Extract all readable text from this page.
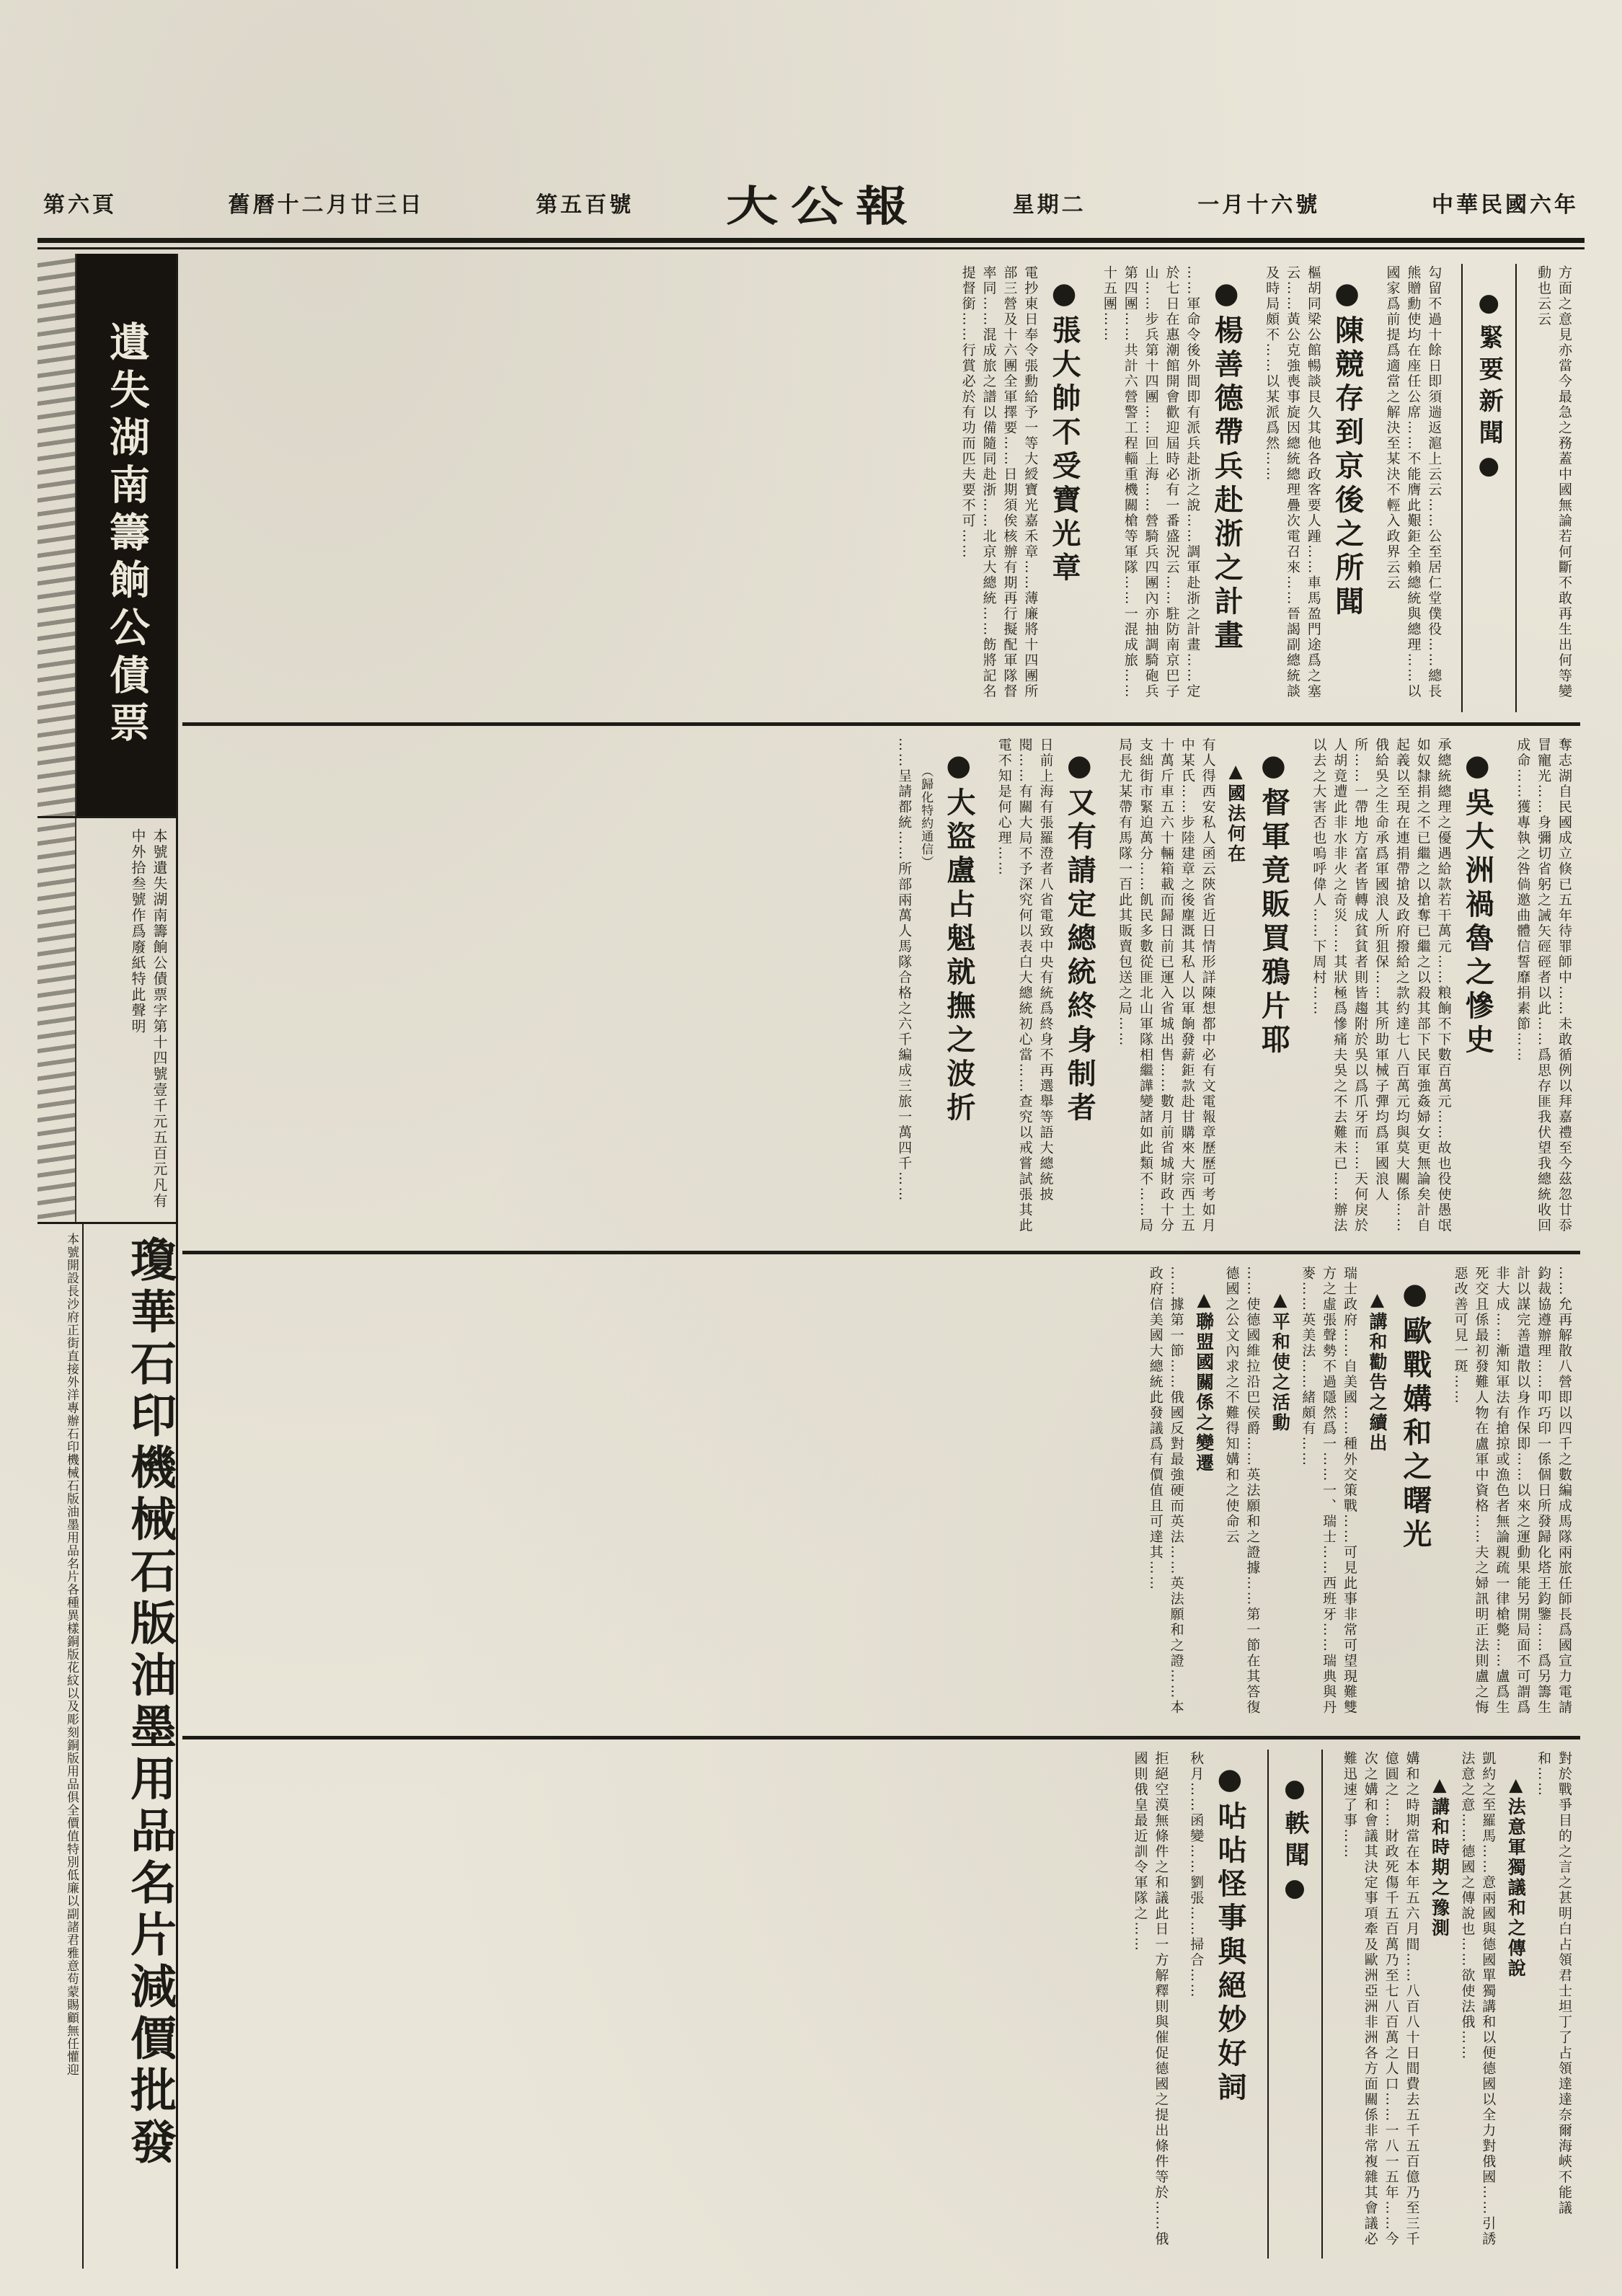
中華民國六年
一月十六號
星期二
大公報
第五百號
舊曆十二月廿三日
第六頁
遺失湖南籌餉公債票
本號遺失湖南籌餉公債票字第十四號壹千元五百元凡有中外拾叁號作爲廢紙特此聲明
本號開設長沙府正街直接外洋專辦石印機械石版油墨用品名片各種異樣銅版花紋以及彫刻銅版用品俱全價值特別低廉以副諸君雅意苟蒙賜顧無任懽迎 瓊華石印機械石版油墨用品名片減價批發
方面之意見亦當今最急之務蓋中國無論若何斷不敢再生出何等變動也云云
●緊要新聞●
勾留不過十餘日即須遄返滬上云云……公至居仁堂僕役……總長熊贈勳使均在座任公席……不能膺此艱鉅全賴總統與總理……以國家爲前提爲適當之解決至某決不輕入政界云云
●陳競存到京後之所聞
樞胡同梁公館暢談艮久其他各政客要人踵……車馬盈門途爲之塞云……黃公克強喪事旋因總統總理疊次電召來……晉謁副總統談及時局頗不……以某派爲然……
●楊善德帶兵赴浙之計畫
……軍命令後外間即有派兵赴浙之說……調軍赴浙之計畫……定於七日在惠潮館開會歡迎屆時必有一番盛況云……駐防南京巴子山……步兵第十四團……回上海……營騎兵四團內亦抽調騎砲兵第四團……共計六營警工程輜重機關槍等軍隊……一混成旅……十五團……
●張大帥不受寶光章
電抄東日奉令張勳給予一等大綬寶光嘉禾章……薄廉將十四團所部三營及十六團全軍擇要……日期須俟核辦有期再行擬配軍隊督率同……混成旅之譜以備隨同赴浙……北京大總統……飭將記名提督銜……行賞必於有功而匹夫要不可……
奪志湖自民國成立倏已五年待罪師中……未敢循例以拜嘉禮至今茲忽廿忝冒寵光……身彌切省躬之誡矢硜硜者以此……爲思存匪我伏望我總統收回成命……獲專執之咎倘邀曲體信誓靡捐素節……
●吳大洲禍魯之慘史
承總統總理之優遇給款若干萬元……粮餉不下數百萬元……故也役使愚氓如奴隸捐之不已繼之以搶奪已繼之以殺其部下民軍強姦婦女更無論矣計自起義以至現在連捐帶搶及政府撥給之款約達七八百萬元均與莫大關係……俄給吳之生命承爲軍國浪人所狙保……其所助軍械子彈均爲軍國浪人所……一帶地方富者皆轉成貧貧者則皆趨附於吳以爲爪牙而……天何戾於人胡竟遭此非水非火之奇災……其狀極爲慘痛夫吳之不去難未已……辦法以去之大害否也嗚呼偉人……下周村……
●督軍竟販買鴉片耶
▲國法何在
有人得西安私人函云陝省近日情形詳陳想都中必有文電報章歷歷可考如月中某氏……步陸建章之後塵溉其私人以軍餉發薪鉅款赴甘購來大宗西土五十萬斤車五六十輛箱載而歸日前已運入省城出售……數月前省城財政十分支絀街市緊迫萬分……飢民多數從匪北山軍隊相繼譁變諸如此類不……局局長尤某帶有馬隊一百此其販賣包送之局……
●又有請定總統終身制者
日前上海有張羅澄者八省電致中央有統爲終身不再選舉等語大總統披閱……有關大局不予深究何以表白大總統初心當……查究以戒嘗試張其此電不知是何心理……
●大盜盧占魁就撫之波折
（歸化特約通信）
……呈請都統……所部兩萬人馬隊合格之六千編成三旅一萬四千……
……允再解散八營即以四千之數編成馬隊兩旅任師長爲國宣力電請鈞裁協遵辦理……叩巧印一係個日所發歸化塔王鈞鑒……爲另籌生計以謀完善遣散以身作保即……以來之運動果能另開局面不可謂爲非大成……漸知軍法有搶掠或漁色者無論親疏一律槍斃……盧爲生死交且係最初發難人物在盧軍中資格……夫之婦訊明正法則盧之悔惡改善可見一斑……
●歐戰媾和之曙光
▲講和勸告之續出
瑞士政府……自美國……種外交策戰……可見此事非常可望現難雙方之虛張聲勢不過隱然爲一……一、瑞士……西班牙……瑞典與丹麥……英美法……緒頗有……
▲平和使之活動
……使德國維拉沿巴侯爵……英法願和之證據……第一節在其答復德國之公文內求之不難得知媾和之使命云
▲聯盟國關係之變遷
……據第一節……俄國反對最強硬而英法……英法願和之證……本政府信美國大總統此發議爲有價值且可達其……
對於戰爭目的之言之甚明白占領君士坦丁了占領達達奈爾海峽不能議和……
▲法意軍獨議和之傳說
凱約之至羅馬……意兩國與德國單獨講和以便德國以全力對俄國……引誘法意之意……德國之傳說也……欲使法俄……
▲講和時期之豫測
媾和之時期當在本年五六月間……八百八十日間費去五千五百億乃至三千億圓之……財政死傷千五百萬乃至七八百萬之人口……一八一五年……今次之媾和會議其決定事項牽及歐洲亞洲非洲各方面關係非常複雜其會議必難迅速了事……
●軼聞●
●呫呫怪事與絕妙好詞
秋月……函變……劉張……掃合……
拒絕空漠無條件之和議此日一方解釋則與催促德國之提出條件等於……俄國則俄皇最近訓令軍隊之……
